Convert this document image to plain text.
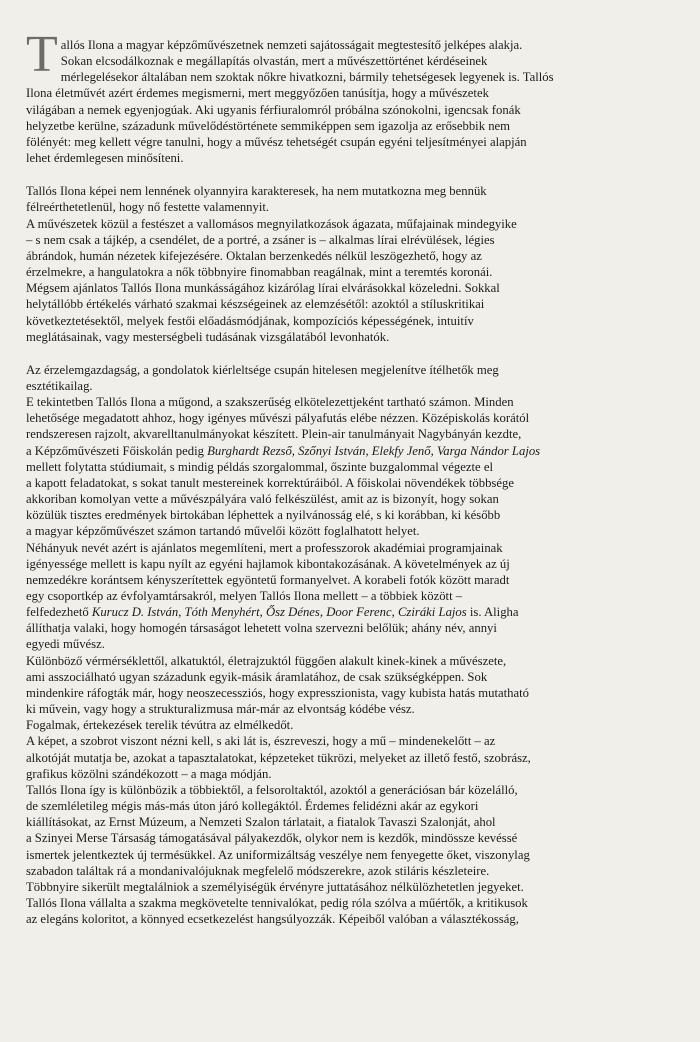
T allós Ilona a magyar képzőművészetnek nemzeti sajátosságait megtestesítő jelképes alakja.
Sokan elcsodálkoznak e megállapítás olvastán, mert a művészettörténet kérdéseinek
mérlegelésekor általában nem szoktak nőkre hivatkozni, bármily tehetségesek legyenek is. Tallós
Ilona életművét azért érdemes megismerni, mert meggyőzően tanúsítja, hogy a művészetek
világában a nemek egyenjogúak. Aki ugyanis férfiuralomról próbálna szónokolni, igencsak fonák
helyzetbe kerülne, századunk művelődéstörténete semmiképpen sem igazolja az erősebbik nem
fölényét: meg kellett végre tanulni, hogy a művész tehetségét csupán egyéni teljesítményei alapján
lehet érdemlegesen minősíteni.
Tallós Ilona képei nem lennének olyannyira karakteresek, ha nem mutatkozna meg bennük
félreérthetetlenül, hogy nő festette valamennyit.
A művészetek közül a festészet a vallomásos megnyilatkozások ágazata, műfajainak mindegyike
– s nem csak a tájkép, a csendélet, de a portré, a zsáner is – alkalmas lírai elrévülések, légies
ábrándok, humán nézetek kifejezésére. Oktalan berzenkedés nélkül leszögezhető, hogy az
érzelmekre, a hangulatokra a nők többnyire finomabban reagálnak, mint a teremtés koronái.
Mégsem ajánlatos Tallós Ilona munkásságához kizárólag lírai elvárásokkal közeledni. Sokkal
helytállóbb értékelés várható szakmai készségeinek az elemzésétől: azoktól a stíluskritikai
következtetésektől, melyek festői előadásmódjának, kompozíciós képességének, intuitív
meglátásainak, vagy mesterségbeli tudásának vizsgálatából levonhatók.
Az érzelemgazdagság, a gondolatok kiérleltsége csupán hitelesen megjelenítve ítélhetők meg
esztétikailag.
E tekintetben Tallós Ilona a műgond, a szakszerűség elkötelezettjeként tartható számon. Minden
lehetősége megadatott ahhoz, hogy igényes művészi pályafutás elébe nézzen. Középiskolás korától
rendszeresen rajzolt, akvarelltanulmányokat készített. Plein-air tanulmányait Nagybányán kezdte,
a Képzőművészeti Főiskolán pedig Burghardt Rezső, Szőnyi István, Elekfy Jenő, Varga Nándor Lajos
mellett folytatta stúdiumait, s mindig példás szorgalommal, őszinte buzgalommal végezte el
a kapott feladatokat, s sokat tanult mestereinek korrektúráiból. A főiskolai növendékek többsége
akkoriban komolyan vette a művészpályára való felkészülést, amit az is bizonyít, hogy sokan
közülük tisztes eredmények birtokában léphettek a nyilvánosság elé, s ki korábban, ki később
a magyar képzőművészet számon tartandó művelői között foglalhatott helyet.
Néhányuk nevét azért is ajánlatos megemlíteni, mert a professzorok akadémiai programjainak
igényessége mellett is kapu nyílt az egyéni hajlamok kibontakozásának. A követelmények az új
nemzedékre korántsem kényszerítettek egyöntetű formanyelvet. A korabeli fotók között maradt
egy csoportkép az évfolyamtársakról, melyen Tallós Ilona mellett – a többiek között –
felfedezhető Kurucz D. István, Tóth Menyhért, Ősz Dénes, Door Ferenc, Cziráki Lajos is. Aligha
állíthatja valaki, hogy homogén társaságot lehetett volna szervezni belőlük; ahány név, annyi
egyedi művész.
Különböző vérmérséklettől, alkatuktól, életrajzuktól függően alakult kinek-kinek a művészete,
ami asszociálható ugyan századunk egyik-másik áramlatához, de csak szükségképpen. Sok
mindenkire ráfogták már, hogy neoszecessziós, hogy expresszionista, vagy kubista hatás mutatható
ki művein, vagy hogy a strukturalizmusa már-már az elvontság kódébe vész.
Fogalmak, értekezések terelik tévútra az elmélkedőt.
A képet, a szobrot viszont nézni kell, s aki lát is, észreveszi, hogy a mű – mindenekelőtt – az
alkotóját mutatja be, azokat a tapasztalatokat, képzeteket tükrözi, melyeket az illető festő, szobrász,
grafikus közölni szándékozott – a maga módján.
Tallós Ilona így is különbözik a többiektől, a felsoroltaktól, azoktól a generációsan bár közelálló,
de szemléletileg mégis más-más úton járó kollegáktól. Érdemes felidézni akár az egykori
kiállításokat, az Ernst Múzeum, a Nemzeti Szalon tárlatait, a fiatalok Tavaszi Szalonját, ahol
a Szinyei Merse Társaság támogatásával pályakezdők, olykor nem is kezdők, mindössze kevéssé
ismertek jelentkeztek új termésükkel. Az uniformizáltság veszélye nem fenyegette őket, viszonylag
szabadon találtak rá a mondanivalójuknak megfelelő módszerekre, azok stiláris készleteire.
Többnyire sikerült megtalálniok a személyiségük érvényre juttatásához nélkülözhetetlen jegyeket.
Tallós Ilona vállalta a szakma megkövetelte tennivalókat, pedig róla szólva a műértők, a kritikusok
az elegáns koloritot, a könnyed ecsetkezelést hangsúlyozzák. Képeiből valóban a választékosság,
